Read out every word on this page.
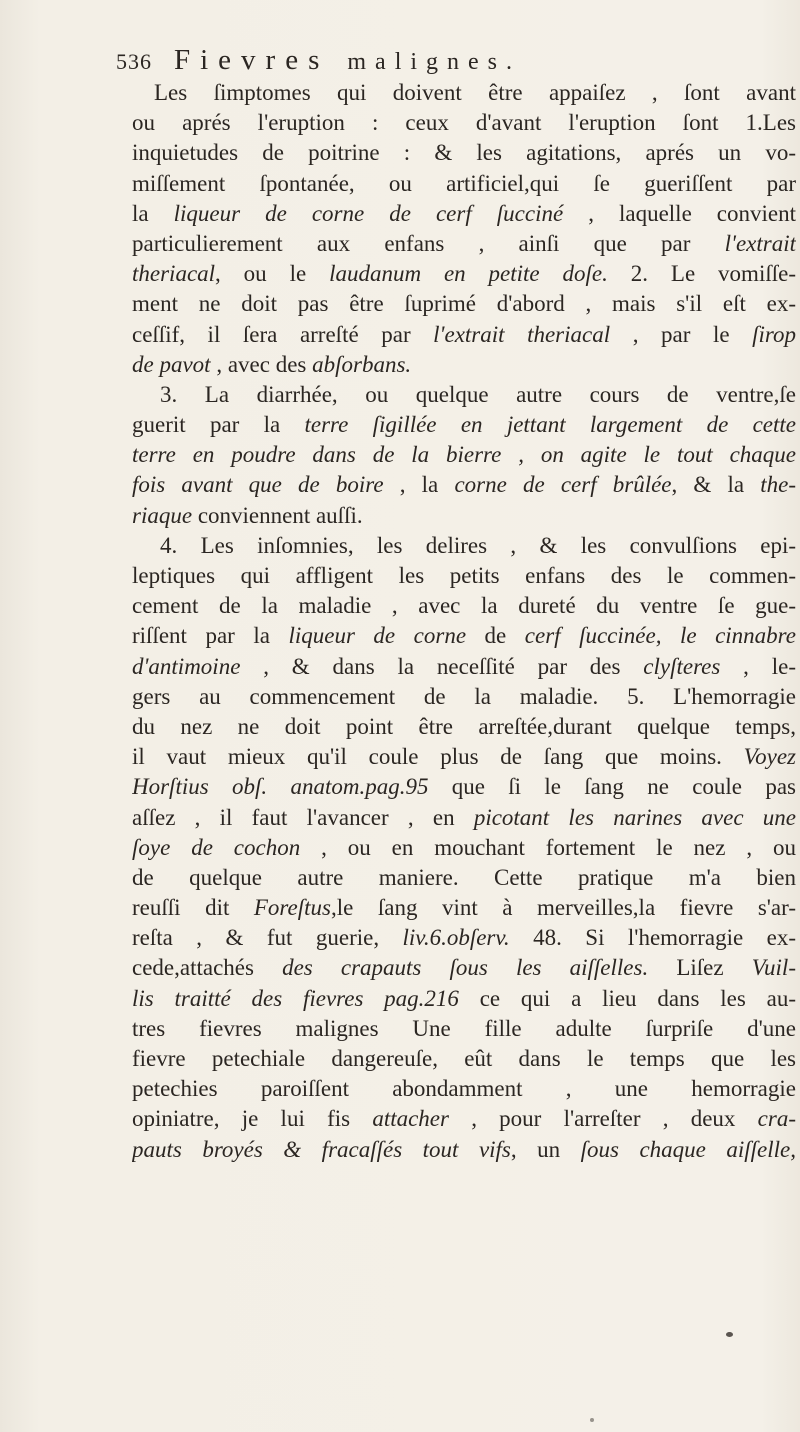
536 Fievres malignes.
Les ſimptomes qui doivent être appaiſez , ſont avant
ou aprés l'eruption : ceux d'avant l'eruption ſont 1.Les
inquietudes de poitrine : & les agitations, aprés un vo-
miſſement ſpontanée, ou artificiel,qui ſe gueriſſent par
la liqueur de corne de cerf ſucciné , laquelle convient
particulierement aux enfans , ainſi que par l'extrait
theriacal, ou le laudanum en petite doſe. 2. Le vomiſſe-
ment ne doit pas être ſuprimé d'abord , mais s'il eſt ex-
ceſſif, il ſera arreſté par l'extrait theriacal , par le ſirop
de pavot , avec des abſorbans.
3. La diarrhée, ou quelque autre cours de ventre,ſe
guerit par la terre ſigillée en jettant largement de cette
terre en poudre dans de la bierre , on agite le tout chaque
fois avant que de boire , la corne de cerf brûlée, & la the-
riaque conviennent auſſi.
4. Les inſomnies, les delires , & les convulſions epi-
leptiques qui affligent les petits enfans des le commen-
cement de la maladie , avec la dureté du ventre ſe gue-
riſſent par la liqueur de corne de cerf ſuccinée, le cinnabre
d'antimoine , & dans la neceſſité par des clyſteres , le-
gers au commencement de la maladie. 5. L'hemorragie
du nez ne doit point être arreſtée,durant quelque temps,
il vaut mieux qu'il coule plus de ſang que moins. Voyez
Horſtius obſ. anatom.pag.95 que ſi le ſang ne coule pas
aſſez , il faut l'avancer , en picotant les narines avec une
ſoye de cochon , ou en mouchant fortement le nez , ou
de quelque autre maniere. Cette pratique m'a bien
reuſſi dit Foreſtus,le ſang vint à merveilles,la fievre s'ar-
reſta , & fut guerie, liv.6.obſerv. 48. Si l'hemorragie ex-
cede,attachés des crapauts ſous les aiſſelles. Liſez Vuil-
lis traitté des fievres pag.216 ce qui a lieu dans les au-
tres fievres malignes Une fille adulte ſurpriſe d'une
fievre petechiale dangereuſe, eût dans le temps que les
petechies paroiſſent abondamment , une hemorragie
opiniatre, je lui fis attacher , pour l'arreſter , deux cra-
pauts broyés & fracaſſés tout vifs, un ſous chaque aiſſelle,
